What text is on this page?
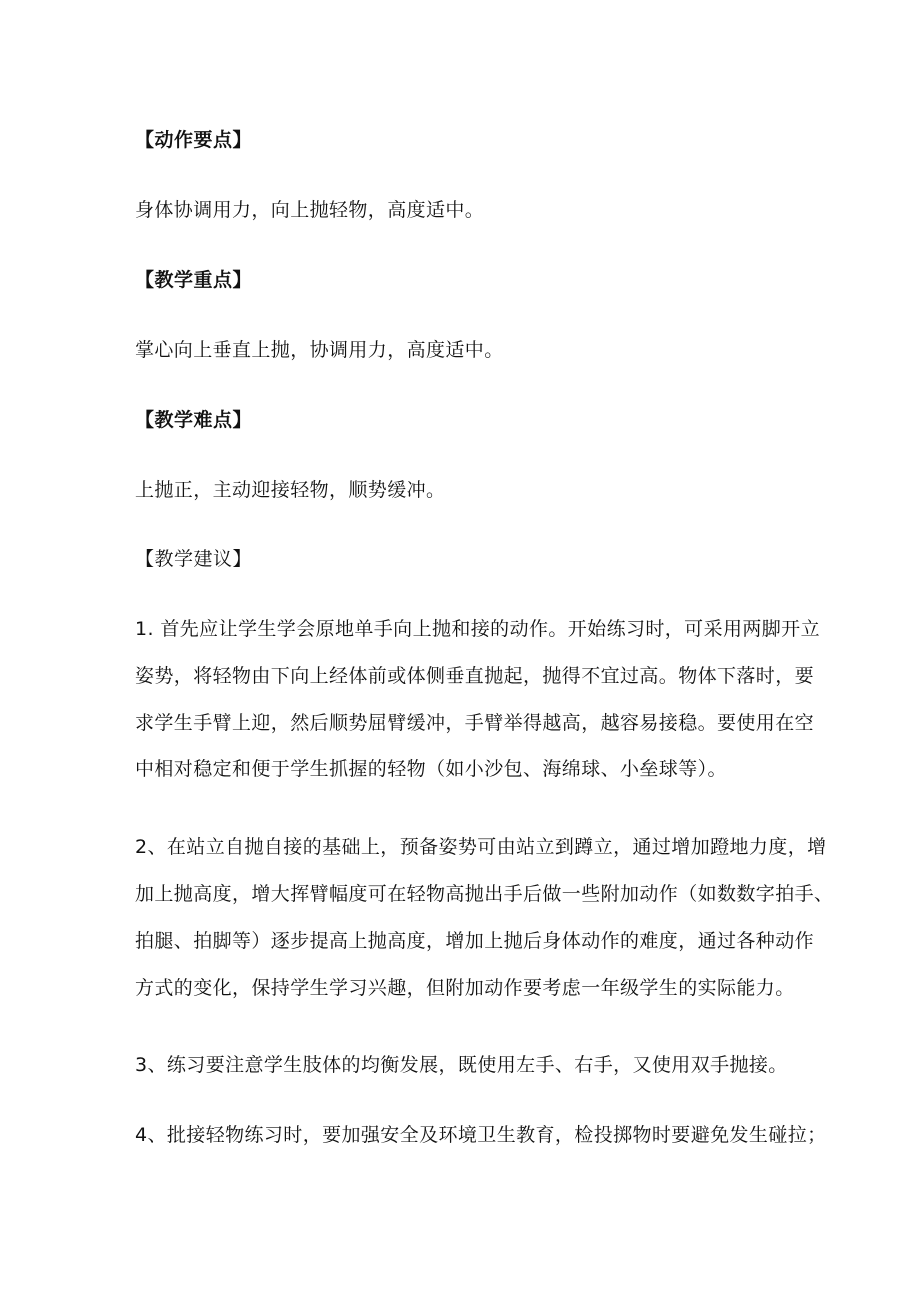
【动作要点】
身体协调用力，向上抛轻物，高度适中。
【教学重点】
掌心向上垂直上抛，协调用力，高度适中。
【教学难点】
上抛正，主动迎接轻物，顺势缓冲。
【教学建议】
1. 首先应让学生学会原地单手向上抛和接的动作。开始练习时，可采用两脚开立
姿势，将轻物由下向上经体前或体侧垂直抛起，抛得不宜过高。物体下落时，要
求学生手臂上迎，然后顺势屈臂缓冲，手臂举得越高，越容易接稳。要使用在空
中相对稳定和便于学生抓握的轻物（如小沙包、海绵球、小垒球等）。
2、在站立自抛自接的基础上，预备姿势可由站立到蹲立，通过增加蹬地力度，增
加上抛高度，增大挥臂幅度可在轻物高抛出手后做一些附加动作（如数数字拍手、
拍腿、拍脚等）逐步提高上抛高度，增加上抛后身体动作的难度，通过各种动作
方式的变化，保持学生学习兴趣，但附加动作要考虑一年级学生的实际能力。
3、练习要注意学生肢体的均衡发展，既使用左手、右手，又使用双手抛接。
4、批接轻物练习时，要加强安全及环境卫生教育，检投掷物时要避免发生碰拉；
